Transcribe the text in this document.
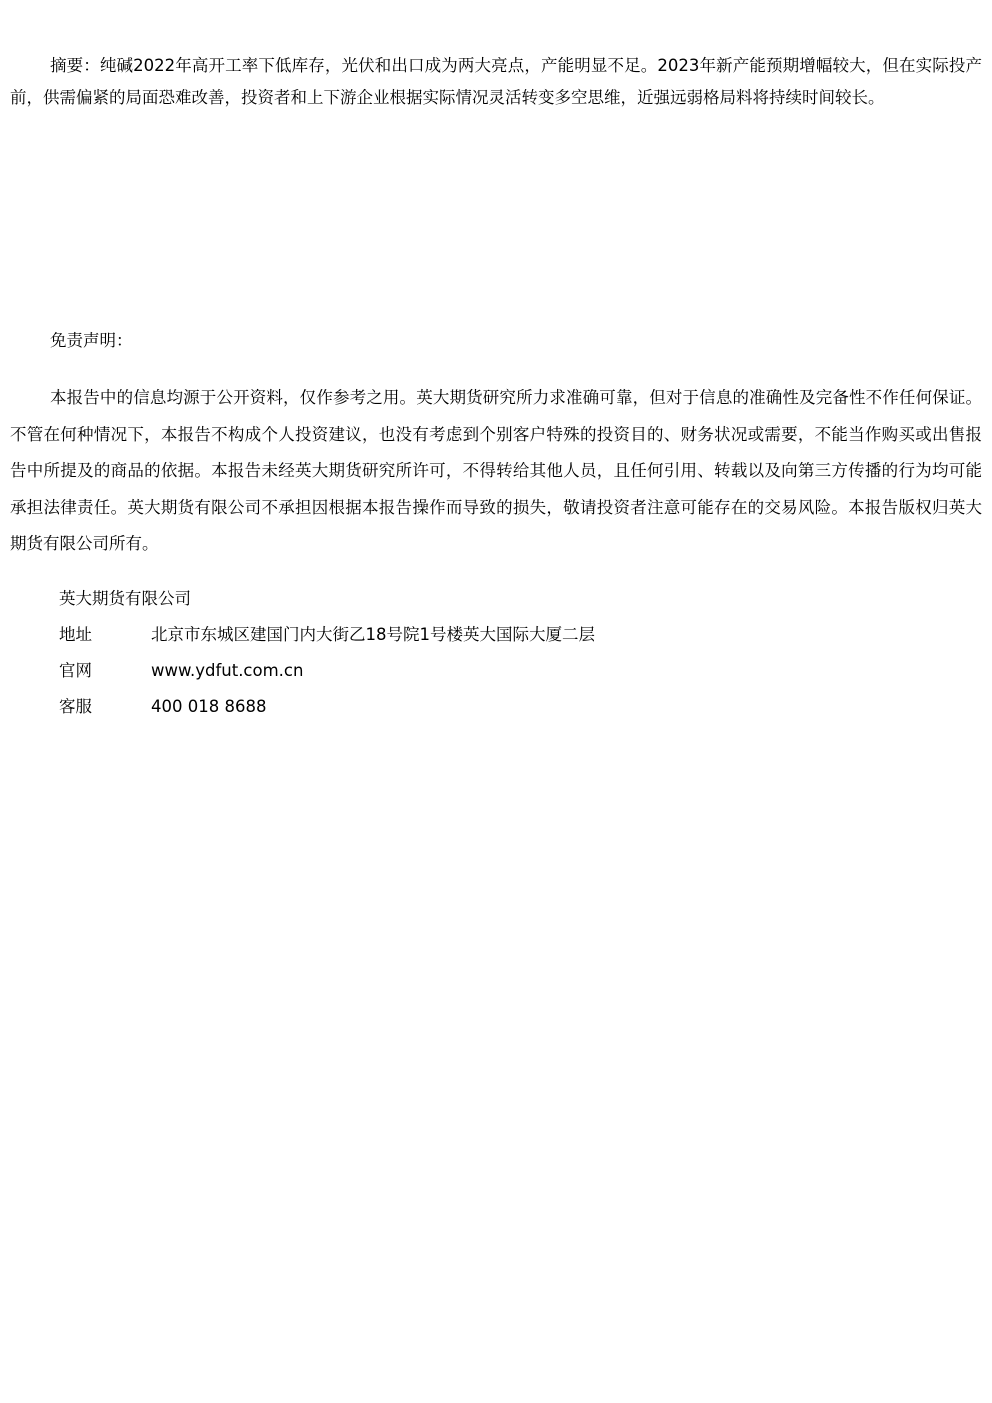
摘要：纯碱2022年高开工率下低库存，光伏和出口成为两大亮点，产能明显不足。2023年新产能预期增幅较大，但在实际投产前，供需偏紧的局面恐难改善，投资者和上下游企业根据实际情况灵活转变多空思维，近强远弱格局料将持续时间较长。

免责声明：

本报告中的信息均源于公开资料，仅作参考之用。英大期货研究所力求准确可靠，但对于信息的准确性及完备性不作任何保证。不管在何种情况下，本报告不构成个人投资建议，也没有考虑到个别客户特殊的投资目的、财务状况或需要，不能当作购买或出售报告中所提及的商品的依据。本报告未经英大期货研究所许可，不得转给其他人员，且任何引用、转载以及向第三方传播的行为均可能承担法律责任。英大期货有限公司不承担因根据本报告操作而导致的损失，敬请投资者注意可能存在的交易风险。本报告版权归英大期货有限公司所有。

英大期货有限公司
地址	北京市东城区建国门内大街乙18号院1号楼英大国际大厦二层
官网	www.ydfut.com.cn
客服	400 018 8688
